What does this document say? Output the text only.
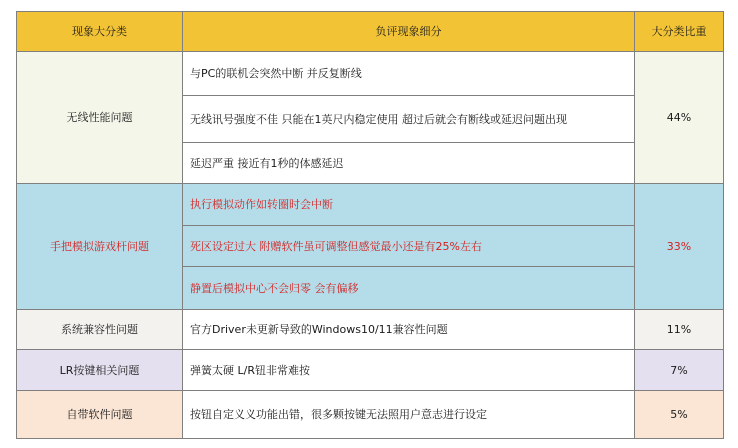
现象大分类	负评现象细分	大分类比重
无线性能问题	与PC的联机会突然中断 并反复断线	44%
	无线讯号强度不佳 只能在1英尺内稳定使用 超过后就会有断线或延迟问题出现	
	延迟严重 接近有1秒的体感延迟	
手把模拟游戏杆问题	执行模拟动作如转圈时会中断	33%
	死区设定过大 附赠软件虽可调整但感觉最小还是有25%左右	
	静置后模拟中心不会归零 会有偏移	
系统兼容性问题	官方Driver未更新导致的Windows10/11兼容性问题	11%
LR按键相关问题	弹簧太硬 L/R钮非常难按	7%
自带软件问题	按钮自定义义功能出错，很多颗按键无法照用户意志进行设定	5%
